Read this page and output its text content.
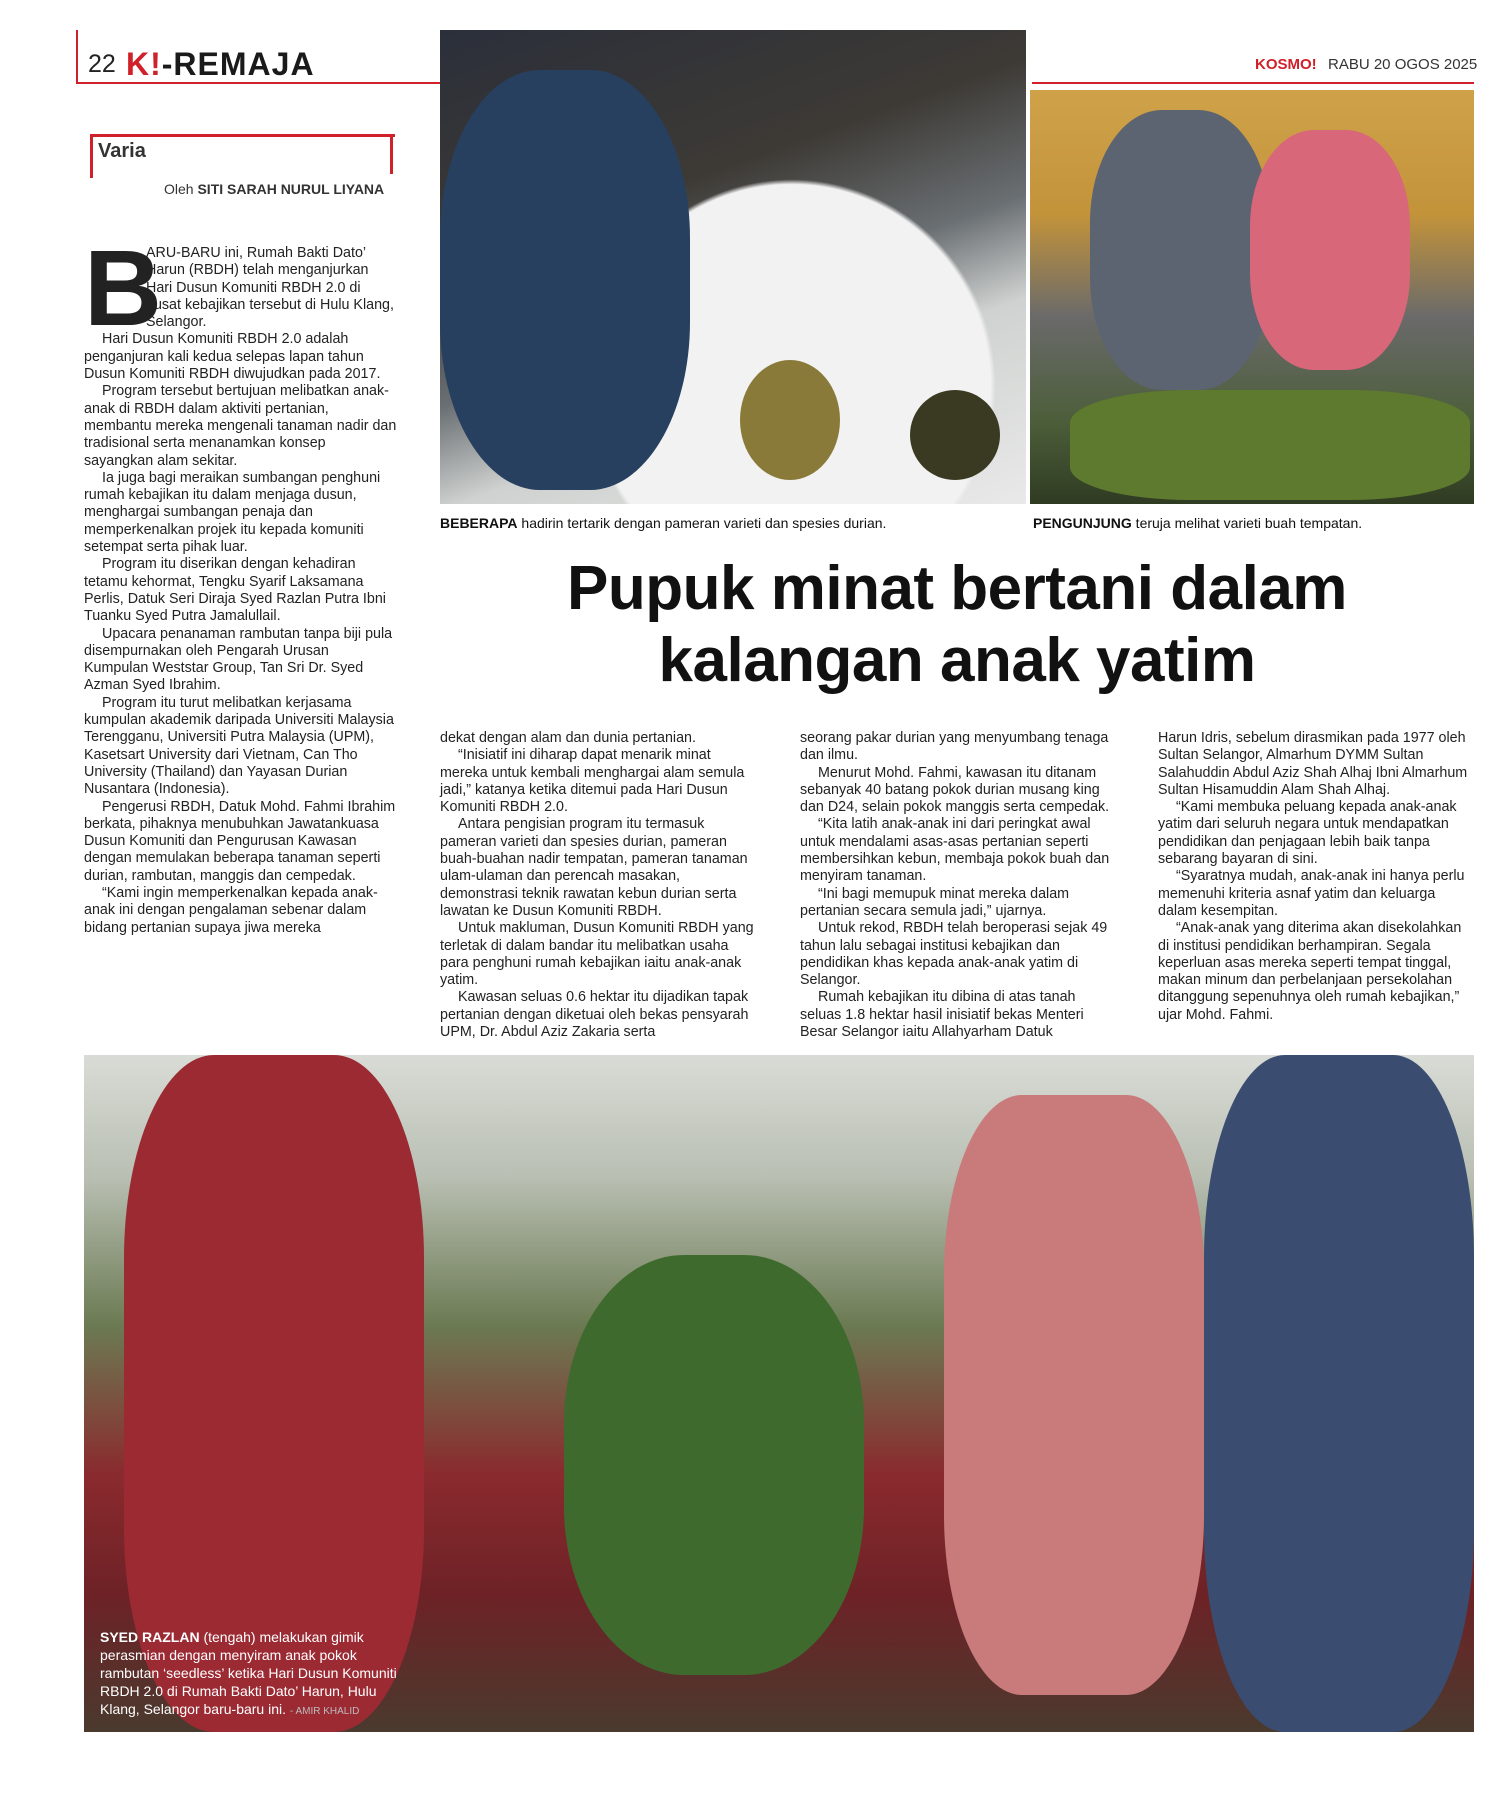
22 K!-REMAJA	KOSMO! RABU 20 OGOS 2025
Varia
Oleh SITI SARAH NURUL LIYANA
BEBERAPA hadirin tertarik dengan pameran varieti dan spesies durian.	PENGUNJUNG teruja melihat varieti buah tempatan.
SYED RAZLAN (tengah) melakukan gimik perasmian dengan menyiram anak pokok rambutan ‘seedless’ ketika Hari Dusun Komuniti RBDH 2.0 di Rumah Bakti Dato’ Harun, Hulu Klang, Selangor baru-baru ini. - AMIR KHALID
Pupuk minat bertani dalam
kalangan anak yatim
B

ARU-BARU ini, Rumah Bakti Dato’ Harun (RBDH) telah menganjurkan Hari Dusun Komuniti RBDH 2.0 di pusat kebajikan tersebut di Hulu Klang, Selangor.

Hari Dusun Komuniti RBDH 2.0 adalah penganjuran kali kedua selepas lapan tahun Dusun Komuniti RBDH diwujudkan pada 2017.

Program tersebut bertujuan melibatkan anak-anak di RBDH dalam aktiviti pertanian, membantu mereka mengenali tanaman nadir dan tradisional serta menanamkan konsep sayangkan alam sekitar.

Ia juga bagi meraikan sumbangan penghuni rumah kebajikan itu dalam menjaga dusun, menghargai sumbangan penaja dan memperkenalkan projek itu kepada komuniti setempat serta pihak luar.

Program itu diserikan dengan kehadiran tetamu kehormat, Tengku Syarif Laksamana Perlis, Datuk Seri Diraja Syed Razlan Putra Ibni Tuanku Syed Putra Jamalullail.

Upacara penanaman rambutan tanpa biji pula disempurnakan oleh Pengarah Urusan Kumpulan Weststar Group, Tan Sri Dr. Syed Azman Syed Ibrahim.

Program itu turut melibatkan kerjasama kumpulan akademik daripada Universiti Malaysia Terengganu, Universiti Putra Malaysia (UPM), Kasetsart University dari Vietnam, Can Tho University (Thailand) dan Yayasan Durian Nusantara (Indonesia).

Pengerusi RBDH, Datuk Mohd. Fahmi Ibrahim berkata, pihaknya menubuhkan Jawatankuasa Dusun Komuniti dan Pengurusan Kawasan dengan memulakan beberapa tanaman seperti durian, rambutan, manggis dan cempedak.

“Kami ingin memperkenalkan kepada anak-anak ini dengan pengalaman sebenar dalam bidang pertanian supaya jiwa mereka

dekat dengan alam dan dunia pertanian.

“Inisiatif ini diharap dapat menarik minat mereka untuk kembali menghargai alam semula jadi,” katanya ketika ditemui pada Hari Dusun Komuniti RBDH 2.0.

Antara pengisian program itu termasuk pameran varieti dan spesies durian, pameran buah-buahan nadir tempatan, pameran tanaman ulam-ulaman dan perencah masakan, demonstrasi teknik rawatan kebun durian serta lawatan ke Dusun Komuniti RBDH.

Untuk makluman, Dusun Komuniti RBDH yang terletak di dalam bandar itu melibatkan usaha para penghuni rumah kebajikan iaitu anak-anak yatim.

Kawasan seluas 0.6 hektar itu dijadikan tapak pertanian dengan diketuai oleh bekas pensyarah UPM, Dr. Abdul Aziz Zakaria serta

seorang pakar durian yang menyumbang tenaga dan ilmu.

Menurut Mohd. Fahmi, kawasan itu ditanam sebanyak 40 batang pokok durian musang king dan D24, selain pokok manggis serta cempedak.

“Kita latih anak-anak ini dari peringkat awal untuk mendalami asas-asas pertanian seperti membersihkan kebun, membaja pokok buah dan menyiram tanaman.

“Ini bagi memupuk minat mereka dalam pertanian secara semula jadi,” ujarnya.

Untuk rekod, RBDH telah beroperasi sejak 49 tahun lalu sebagai institusi kebajikan dan pendidikan khas kepada anak-anak yatim di Selangor.

Rumah kebajikan itu dibina di atas tanah seluas 1.8 hektar hasil inisiatif bekas Menteri Besar Selangor iaitu Allahyarham Datuk

Harun Idris, sebelum dirasmikan pada 1977 oleh Sultan Selangor, Almarhum DYMM Sultan Salahuddin Abdul Aziz Shah Alhaj Ibni Almarhum Sultan Hisamuddin Alam Shah Alhaj.

“Kami membuka peluang kepada anak-anak yatim dari seluruh negara untuk mendapatkan pendidikan dan penjagaan lebih baik tanpa sebarang bayaran di sini.

“Syaratnya mudah, anak-anak ini hanya perlu memenuhi kriteria asnaf yatim dan keluarga dalam kesempitan.

“Anak-anak yang diterima akan disekolahkan di institusi pendidikan berhampiran. Segala keperluan asas mereka seperti tempat tinggal, makan minum dan perbelanjaan persekolahan ditanggung sepenuhnya oleh rumah kebajikan,” ujar Mohd. Fahmi.
